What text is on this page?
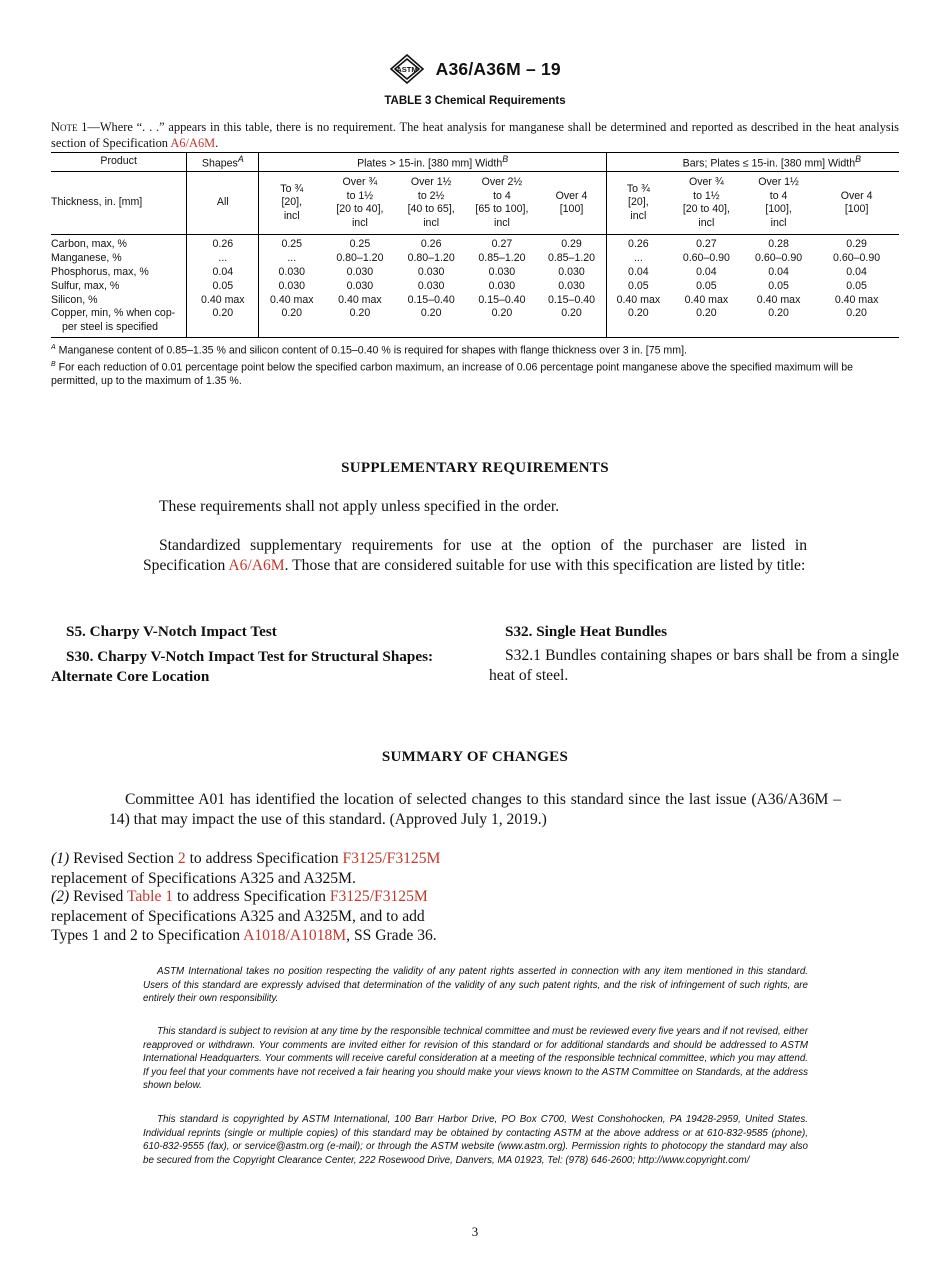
ASTM A36/A36M – 19
TABLE 3 Chemical Requirements
Note 1—Where “. . .” appears in this table, there is no requirement. The heat analysis for manganese shall be determined and reported as described in the heat analysis section of Specification A6/A6M.
Product	Shapes$^A$	Plates > 15-in. [380 mm] Width$^B$					Bars; Plates ≤ 15-in. [380 mm] Width$^B$
Thickness, in. [mm]	All	To ¾
[20],
incl	Over ¾
to 1½
[20 to 40],
incl	Over 1½
to 2½
[40 to 65],
incl	Over 2½
to 4
[65 to 100],
incl	Over 4
[100]	To ¾
[20],
incl	Over ¾
to 1½
[20 to 40],
incl	Over 1½
to 4
[100],
incl	Over 4
[100]
Carbon, max, %	0.26	0.25	0.25	0.26	0.27	0.29	0.26	0.27	0.28	0.29
Manganese, %	...	...	0.80–1.20	0.80–1.20	0.85–1.20	0.85–1.20	...	0.60–0.90	0.60–0.90	0.60–0.90
Phosphorus, max, %	0.04	0.030	0.030	0.030	0.030	0.030	0.04	0.04	0.04	0.04
Sulfur, max, %	0.05	0.030	0.030	0.030	0.030	0.030	0.05	0.05	0.05	0.05
Silicon, %	0.40 max	0.40 max	0.40 max	0.15–0.40	0.15–0.40	0.15–0.40	0.40 max	0.40 max	0.40 max	0.40 max
Copper, min, % when cop-
per steel is specified	0.20	0.20	0.20	0.20	0.20	0.20	0.20	0.20	0.20	0.20
$^A$ Manganese content of 0.85–1.35 % and silicon content of 0.15–0.40 % is required for shapes with flange thickness over 3 in. [75 mm].
$^B$ For each reduction of 0.01 percentage point below the specified carbon maximum, an increase of 0.06 percentage point manganese above the specified maximum will be permitted, up to the maximum of 1.35 %.
SUPPLEMENTARY REQUIREMENTS
These requirements shall not apply unless specified in the order.
Standardized supplementary requirements for use at the option of the purchaser are listed in Specification A6/A6M. Those that are considered suitable for use with this specification are listed by title:
S5. Charpy V-Notch Impact Test
S30. Charpy V-Notch Impact Test for Structural Shapes: Alternate Core Location
S32. Single Heat Bundles
S32.1 Bundles containing shapes or bars shall be from a single heat of steel.
SUMMARY OF CHANGES
Committee A01 has identified the location of selected changes to this standard since the last issue (A36/A36M – 14) that may impact the use of this standard. (Approved July 1, 2019.)
(1) Revised Section 2 to address Specification F3125/F3125M replacement of Specifications A325 and A325M.
(2) Revised Table 1 to address Specification F3125/F3125M replacement of Specifications A325 and A325M, and to add Types 1 and 2 to Specification A1018/A1018M, SS Grade 36.
ASTM International takes no position respecting the validity of any patent rights asserted in connection with any item mentioned in this standard. Users of this standard are expressly advised that determination of the validity of any such patent rights, and the risk of infringement of such rights, are entirely their own responsibility.
This standard is subject to revision at any time by the responsible technical committee and must be reviewed every five years and if not revised, either reapproved or withdrawn. Your comments are invited either for revision of this standard or for additional standards and should be addressed to ASTM International Headquarters. Your comments will receive careful consideration at a meeting of the responsible technical committee, which you may attend. If you feel that your comments have not received a fair hearing you should make your views known to the ASTM Committee on Standards, at the address shown below.
This standard is copyrighted by ASTM International, 100 Barr Harbor Drive, PO Box C700, West Conshohocken, PA 19428-2959, United States. Individual reprints (single or multiple copies) of this standard may be obtained by contacting ASTM at the above address or at 610-832-9585 (phone), 610-832-9555 (fax), or service@astm.org (e-mail); or through the ASTM website (www.astm.org). Permission rights to photocopy the standard may also be secured from the Copyright Clearance Center, 222 Rosewood Drive, Danvers, MA 01923, Tel: (978) 646-2600; http://www.copyright.com/
3
